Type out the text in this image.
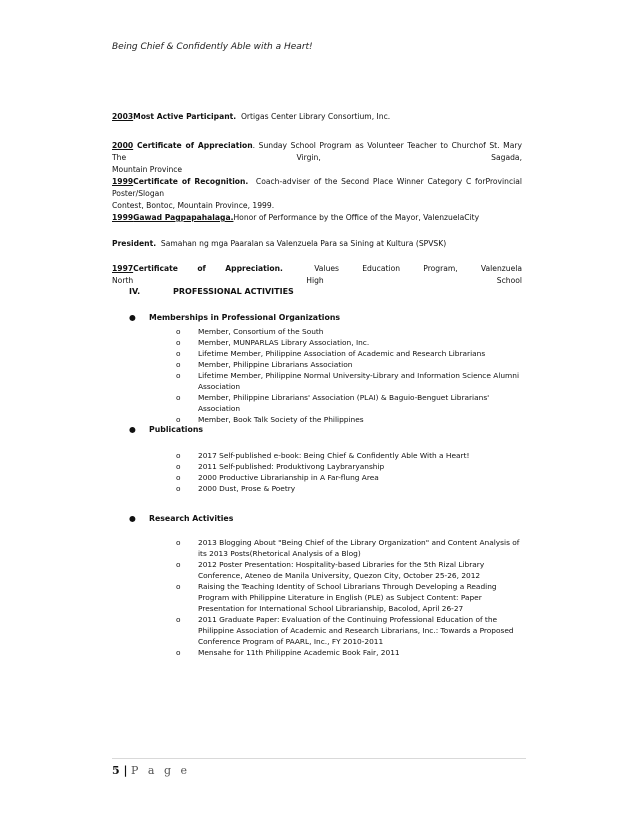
Being Chief & Confidently Able with a Heart!
2003Most Active Participant. Ortigas Center Library Consortium, Inc.
2000 Certificate of Appreciation. Sunday School Program as Volunteer Teacher to Churchof St. Mary The Virgin, Sagada,
Mountain Province
1999Certificate of Recognition. Coach-adviser of the Second Place Winner Category C forProvincial Poster/Slogan
Contest, Bontoc, Mountain Province, 1999.
1999Gawad Pagpapahalaga.Honor of Performance by the Office of the Mayor, ValenzuelaCity
President. Samahan ng mga Paaralan sa Valenzuela Para sa Sining at Kultura (SPVSK)
1997Certificate of Appreciation.	Values Education Program, Valenzuela North High School
IV.	PROFESSIONAL ACTIVITIES
● Memberships in Professional Organizations
o Member, Consortium of the South
o Member, MUNPARLAS Library Association, Inc.
o Lifetime Member, Philippine Association of Academic and Research Librarians
o Member, Philippine Librarians Association
o Lifetime Member, Philippine Normal University-Library and Information Science Alumni Association
o Member, Philippine Librarians' Association (PLAI) & Baguio-Benguet Librarians' Association
o Member, Book Talk Society of the Philippines
● Publications
o 2017 Self-published e-book: Being Chief & Confidently Able With a Heart!
o 2011 Self-published: Produktivong Laybraryanship
o 2000 Productive Librarianship in A Far-flung Area
o 2000 Dust, Prose & Poetry
● Research Activities
o 2013 Blogging About "Being Chief of the Library Organization" and Content Analysis of its 2013 Posts(Rhetorical Analysis of a Blog)
o 2012 Poster Presentation: Hospitality-based Libraries for the 5th Rizal Library Conference, Ateneo de Manila University, Quezon City, October 25-26, 2012
o Raising the Teaching Identity of School Librarians Through Developing a Reading Program with Philippine Literature in English (PLE) as Subject Content: Paper Presentation for International School Librarianship, Bacolod, April 26-27
o 2011 Graduate Paper: Evaluation of the Continuing Professional Education of the Philippine Association of Academic and Research Librarians, Inc.: Towards a Proposed Conference Program of PAARL, Inc., FY 2010-2011
o Mensahe for 11th Philippine Academic Book Fair, 2011
5 | P a g e
